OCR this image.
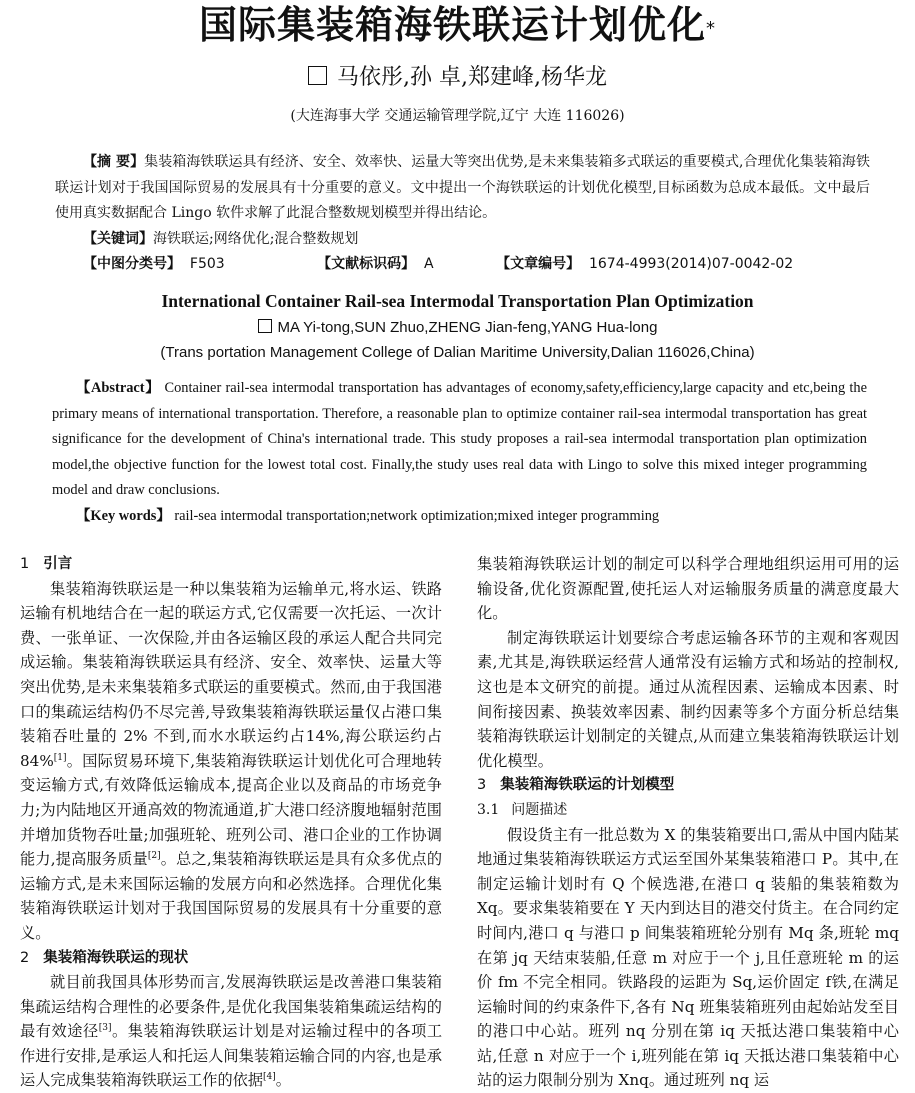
国际集装箱海铁联运计划优化*
马依彤,孙 卓,郑建峰,杨华龙
(大连海事大学 交通运输管理学院,辽宁 大连 116026)

【摘 要】集装箱海铁联运具有经济、安全、效率快、运量大等突出优势,是未来集装箱多式联运的重要模式,合理优化集装箱海铁联运计划对于我国国际贸易的发展具有十分重要的意义。文中提出一个海铁联运的计划优化模型,目标函数为总成本最低。文中最后使用真实数据配合 Lingo 软件求解了此混合整数规划模型并得出结论。

【关键词】海铁联运;网络优化;混合整数规划

【中图分类号】 F503	【文献标识码】 A	【文章编号】 1674-4993(2014)07-0042-02

International Container Rail-sea Intermodal Transportation Plan Optimization
MA Yi-tong,SUN Zhuo,ZHENG Jian-feng,YANG Hua-long
(Trans portation Management College of Dalian Maritime University,Dalian 116026,China)

【Abstract】 Container rail-sea intermodal transportation has advantages of economy,safety,efficiency,large capacity and etc,being the primary means of international transportation. Therefore, a reasonable plan to optimize container rail-sea intermodal transportation has great significance for the development of China's international trade. This study proposes a rail-sea intermodal transportation plan optimization model,the objective function for the lowest total cost. Finally,the study uses real data with Lingo to solve this mixed integer programming model and draw conclusions.

【Key words】 rail-sea intermodal transportation;network optimization;mixed integer programming

1 引言

集装箱海铁联运是一种以集装箱为运输单元,将水运、铁路运输有机地结合在一起的联运方式,它仅需要一次托运、一次计费、一张单证、一次保险,并由各运输区段的承运人配合共同完成运输。集装箱海铁联运具有经济、安全、效率快、运量大等突出优势,是未来集装箱多式联运的重要模式。然而,由于我国港口的集疏运结构仍不尽完善,导致集装箱海铁联运量仅占港口集装箱吞吐量的 2% 不到,而水水联运约占14%,海公联运约占 84%[1]。国际贸易环境下,集装箱海铁联运计划优化可合理地转变运输方式,有效降低运输成本,提高企业以及商品的市场竞争力;为内陆地区开通高效的物流通道,扩大港口经济腹地辐射范围并增加货物吞吐量;加强班轮、班列公司、港口企业的工作协调能力,提高服务质量[2]。总之,集装箱海铁联运是具有众多优点的运输方式,是未来国际运输的发展方向和必然选择。合理优化集装箱海铁联运计划对于我国国际贸易的发展具有十分重要的意义。

2 集装箱海铁联运的现状

就目前我国具体形势而言,发展海铁联运是改善港口集装箱集疏运结构合理性的必要条件,是优化我国集装箱集疏运结构的最有效途径[3]。集装箱海铁联运计划是对运输过程中的各项工作进行安排,是承运人和托运人间集装箱运输合同的内容,也是承运人完成集装箱海铁联运工作的依据[4]。

集装箱海铁联运计划的制定可以科学合理地组织运用可用的运输设备,优化资源配置,使托运人对运输服务质量的满意度最大化。

制定海铁联运计划要综合考虑运输各环节的主观和客观因素,尤其是,海铁联运经营人通常没有运输方式和场站的控制权,这也是本文研究的前提。通过从流程因素、运输成本因素、时间衔接因素、换装效率因素、制约因素等多个方面分析总结集装箱海铁联运计划制定的关键点,从而建立集装箱海铁联运计划优化模型。

3 集装箱海铁联运的计划模型

3.1 问题描述

假设货主有一批总数为 X 的集装箱要出口,需从中国内陆某地通过集装箱海铁联运方式运至国外某集装箱港口 P。其中,在制定运输计划时有 Q 个候选港,在港口 q 装船的集装箱数为 Xq。要求集装箱要在 Y 天内到达目的港交付货主。在合同约定时间内,港口 q 与港口 p 间集装箱班轮分别有 Mq 条,班轮 mq 在第 jq 天结束装船,任意 m 对应于一个 j,且任意班轮 m 的运价 fm 不完全相同。铁路段的运距为 Sq,运价固定 f铁,在满足运输时间的约束条件下,各有 Nq 班集装箱班列由起始站发至目的港口中心站。班列 nq 分别在第 iq 天抵达港口集装箱中心站,任意 n 对应于一个 i,班列能在第 iq 天抵达港口集装箱中心站的运力限制分别为 Xnq。通过班列 nq 运
